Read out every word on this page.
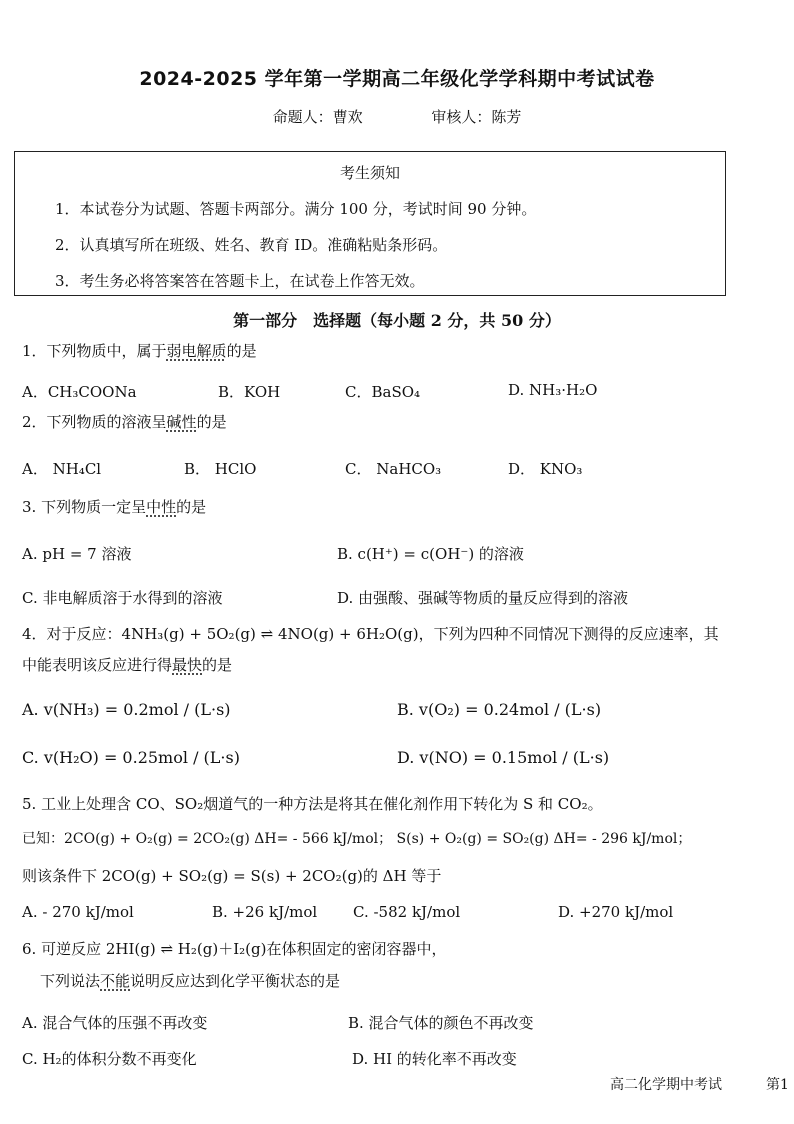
2024-2025 学年第一学期高二年级化学学科期中考试试卷
命题人：曹欢	审核人：陈芳
考生须知
1．本试卷分为试题、答题卡两部分。满分 100 分，考试时间 90 分钟。
2．认真填写所在班级、姓名、教育 ID。准确粘贴条形码。
3．考生务必将答案答在答题卡上，在试卷上作答无效。
第一部分　选择题（每小题 2 分，共 50 分）
1．下列物质中，属于弱电解质的是
A．CH₃COONa	B．KOH	C．BaSO₄	D. NH₃·H₂O
2．下列物质的溶液呈碱性的是
A． NH₄Cl	B． HClO	C． NaHCO₃	D． KNO₃
3. 下列物质一定呈中性的是
A. pH = 7 溶液	B. c(H⁺) = c(OH⁻) 的溶液
C. 非电解质溶于水得到的溶液	D. 由强酸、强碱等物质的量反应得到的溶液
4．对于反应：4NH₃(g) + 5O₂(g) ⇌ 4NO(g) + 6H₂O(g)，下列为四种不同情况下测得的反应速率，其
中能表明该反应进行得最快的是
A. v(NH₃) = 0.2mol / (L·s)	B. v(O₂) = 0.24mol / (L·s)
C. v(H₂O) = 0.25mol / (L·s)	D. v(NO) = 0.15mol / (L·s)
5. 工业上处理含 CO、SO₂烟道气的一种方法是将其在催化剂作用下转化为 S 和 CO₂。
已知：2CO(g) + O₂(g) = 2CO₂(g) ΔH= - 566 kJ/mol； S(s) + O₂(g) = SO₂(g) ΔH= - 296 kJ/mol；
则该条件下 2CO(g) + SO₂(g) = S(s) + 2CO₂(g)的 ΔH 等于
A. - 270 kJ/mol	B. +26 kJ/mol C. -582 kJ/mol	D. +270 kJ/mol
6. 可逆反应 2HI(g) ⇌ H₂(g)＋I₂(g)在体积固定的密闭容器中，
下列说法不能说明反应达到化学平衡状态的是
A. 混合气体的压强不再改变	B. 混合气体的颜色不再改变
C. H₂的体积分数不再变化	D. HI 的转化率不再改变
高二化学期中考试	第1
